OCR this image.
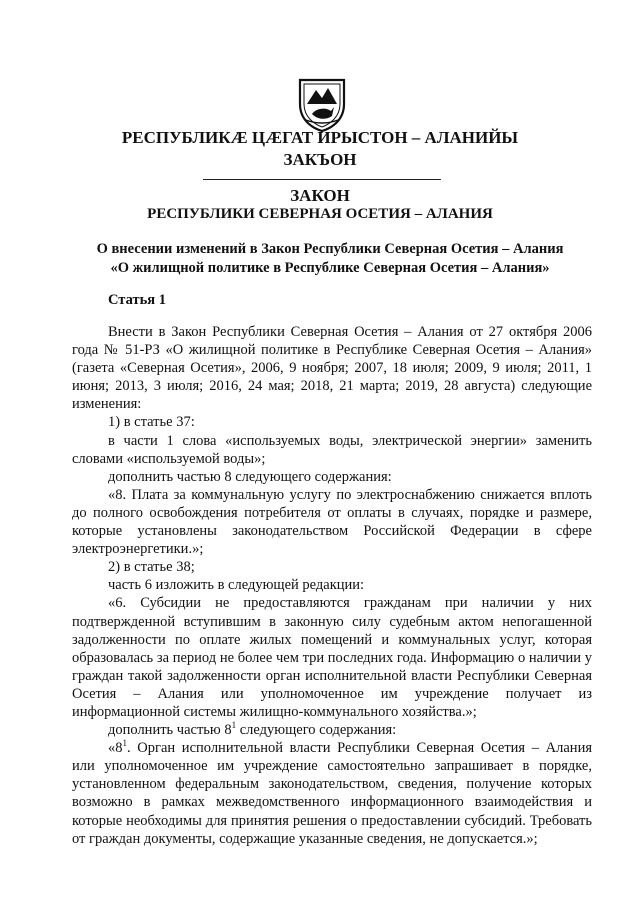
РЕСПУБЛИКÆ ЦÆГАТ ИРЫСТОН – АЛАНИЙЫ
ЗАКЪОН
ЗАКОН
РЕСПУБЛИКИ СЕВЕРНАЯ ОСЕТИЯ – АЛАНИЯ
О внесении изменений в Закон Республики Северная Осетия – Алания
«О жилищной политике в Республике Северная Осетия – Алания»
Статья 1

Внести в Закон Республики Северная Осетия – Алания от 27 октября 2006 года № 51-РЗ «О жилищной политике в Республике Северная Осетия – Алания» (газета «Северная Осетия», 2006, 9 ноября; 2007, 18 июля; 2009, 9 июля; 2011, 1 июня; 2013, 3 июля; 2016, 24 мая; 2018, 21 марта; 2019, 28 августа) следующие изменения:

1) в статье 37:

в части 1 слова «используемых воды, электрической энергии» заменить словами «используемой воды»;

дополнить частью 8 следующего содержания:

«8. Плата за коммунальную услугу по электроснабжению снижается вплоть до полного освобождения потребителя от оплаты в случаях, порядке и размере, которые установлены законодательством Российской Федерации в сфере электроэнергетики.»;

2) в статье 38;

часть 6 изложить в следующей редакции:

«6. Субсидии не предоставляются гражданам при наличии у них подтвержденной вступившим в законную силу судебным актом непогашенной задолженности по оплате жилых помещений и коммунальных услуг, которая образовалась за период не более чем три последних года. Информацию о наличии у граждан такой задолженности орган исполнительной власти Республики Северная Осетия – Алания или уполномоченное им учреждение получает из информационной системы жилищно-коммунального хозяйства.»;

дополнить частью $8^1$ следующего содержания:

«$8^1$. Орган исполнительной власти Республики Северная Осетия – Алания или уполномоченное им учреждение самостоятельно запрашивает в порядке, установленном федеральным законодательством, сведения, получение которых возможно в рамках межведомственного информационного взаимодействия и которые необходимы для принятия решения о предоставлении субсидий. Требовать от граждан документы, содержащие указанные сведения, не допускается.»;
